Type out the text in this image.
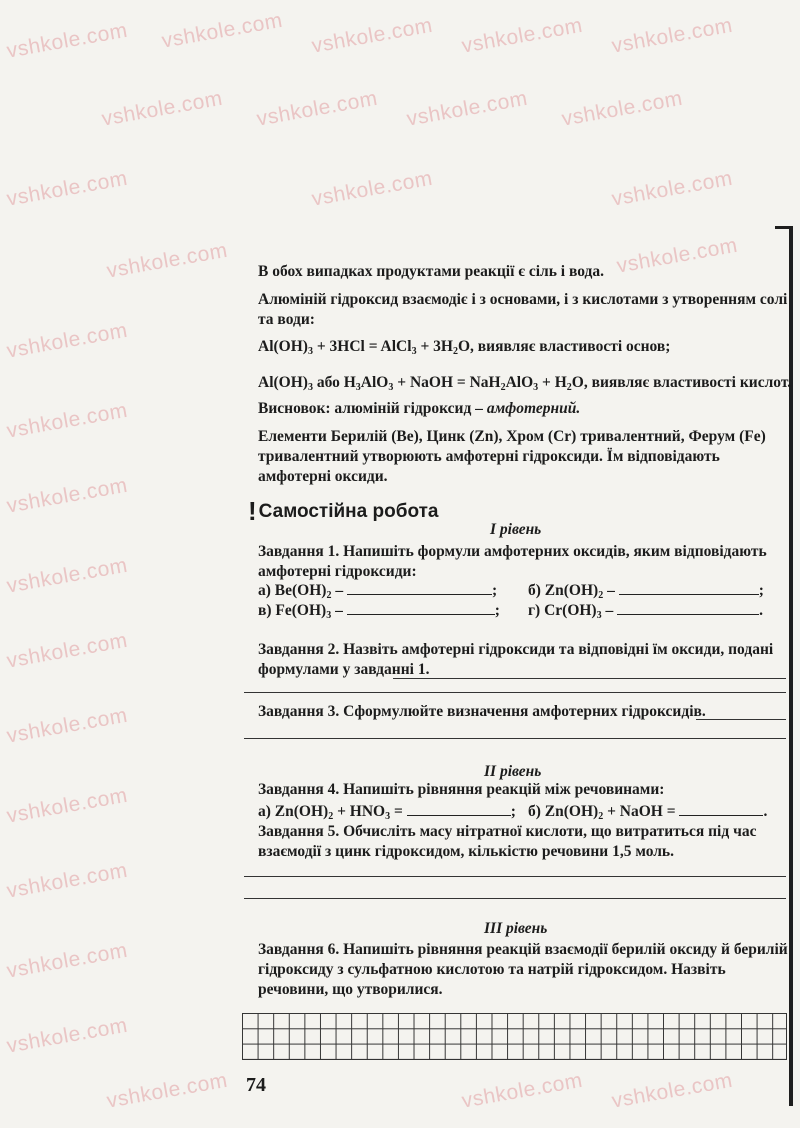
vshkole.com vshkole.com vshkole.com vshkole.com vshkole.com
vshkole.com vshkole.com vshkole.com vshkole.com
vshkole.com	vshkole.com	vshkole.com
vshkole.com	vshkole.com
vshkole.com
vshkole.com
vshkole.com
vshkole.com
vshkole.com
vshkole.com
vshkole.com
vshkole.com
vshkole.com
vshkole.com
vshkole.com	vshkole.com vshkole.com
В обох випадках продуктами реакції є сіль і вода.
Алюміній гідроксид взаємодіє і з основами, і з кислотами з утворенням солі та води:
$Al(OH)_3 + 3HCl$ = AlCl$_3$ + $3H_2O$, виявляє властивості основ;
$Al(OH)_3$ або $H_3AlO_3$ + NaOH = $NaH_2AlO_3 + H_2O$, виявляє властивості кислот.
Висновок: алюміній гідроксид – амфотерний.
Елементи Берилій (Be), Цинк (Zn), Хром (Cr) тривалентний, Ферум (Fe) тривалентний утворюють амфотерні гідроксиди. Їм відповідають амфотерні оксиди.
! Самостійна робота
І рівень
Завдання 1. Напишіть формули амфотерних оксидів, яким відповідають амфотерні гідроксиди:
а) $Be(OH)_2$ –	; б) $Zn(OH)_2$ –	;
в) $Fe(OH)_3$ –	; г) $Cr(OH)_3$ –	.
Завдання 2. Назвіть амфотерні гідроксиди та відповідні їм оксиди, подані формулами у завданні 1.
Завдання 3. Сформулюйте визначення амфотерних гідроксидів.
ІІ рівень
Завдання 4. Напишіть рівняння реакцій між речовинами:
а) $Zn(OH)_2 + HNO_3$ =	; б) $Zn(OH)_2$ + NaOH =	.
Завдання 5. Обчисліть масу нітратної кислоти, що витратиться під час взаємодії з цинк гідроксидом, кількістю речовини 1,5 моль.
ІІІ рівень
Завдання 6. Напишіть рівняння реакцій взаємодії берилій оксиду й берилій гідроксиду з сульфатною кислотою та натрій гідроксидом. Назвіть речовини, що утворилися.
74
